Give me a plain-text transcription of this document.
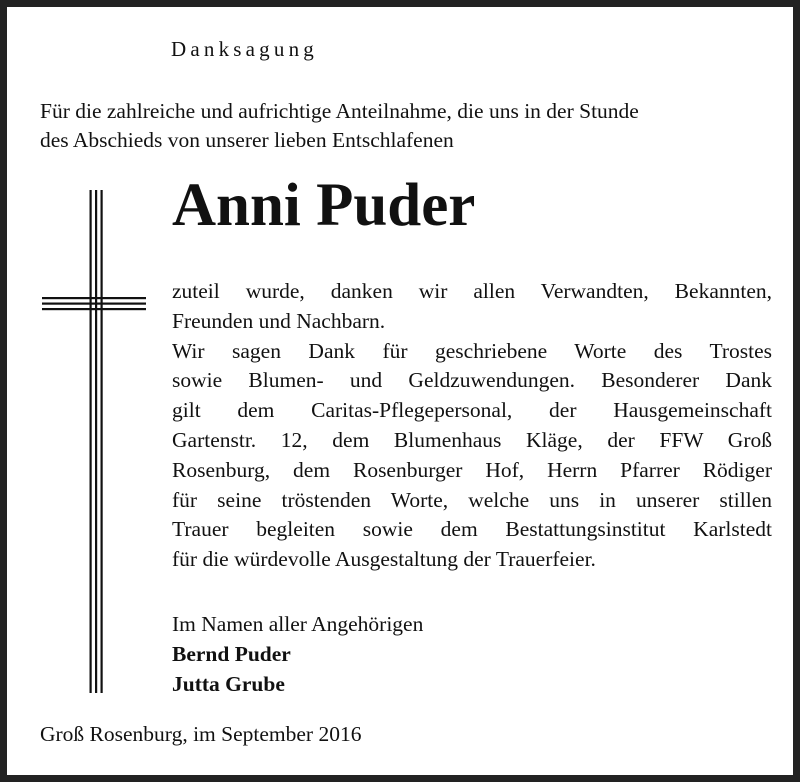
Danksagung
Für die zahlreiche und aufrichtige Anteilnahme, die uns in der Stunde
des Abschieds von unserer lieben Entschlafenen
Anni Puder
zuteil wurde, danken wir allen Verwandten, Bekannten,
Freunden und Nachbarn.
Wir sagen Dank für geschriebene Worte des Trostes
sowie Blumen- und Geldzuwendungen. Besonderer Dank
gilt dem Caritas-Pflegepersonal, der Hausgemeinschaft
Gartenstr. 12, dem Blumenhaus Kläge, der FFW Groß
Rosenburg, dem Rosenburger Hof, Herrn Pfarrer Rödiger
für seine tröstenden Worte, welche uns in unserer stillen
Trauer begleiten sowie dem Bestattungsinstitut Karlstedt
für die würdevolle Ausgestaltung der Trauerfeier.
Im Namen aller Angehörigen
Bernd Puder
Jutta Grube
Groß Rosenburg, im September 2016
